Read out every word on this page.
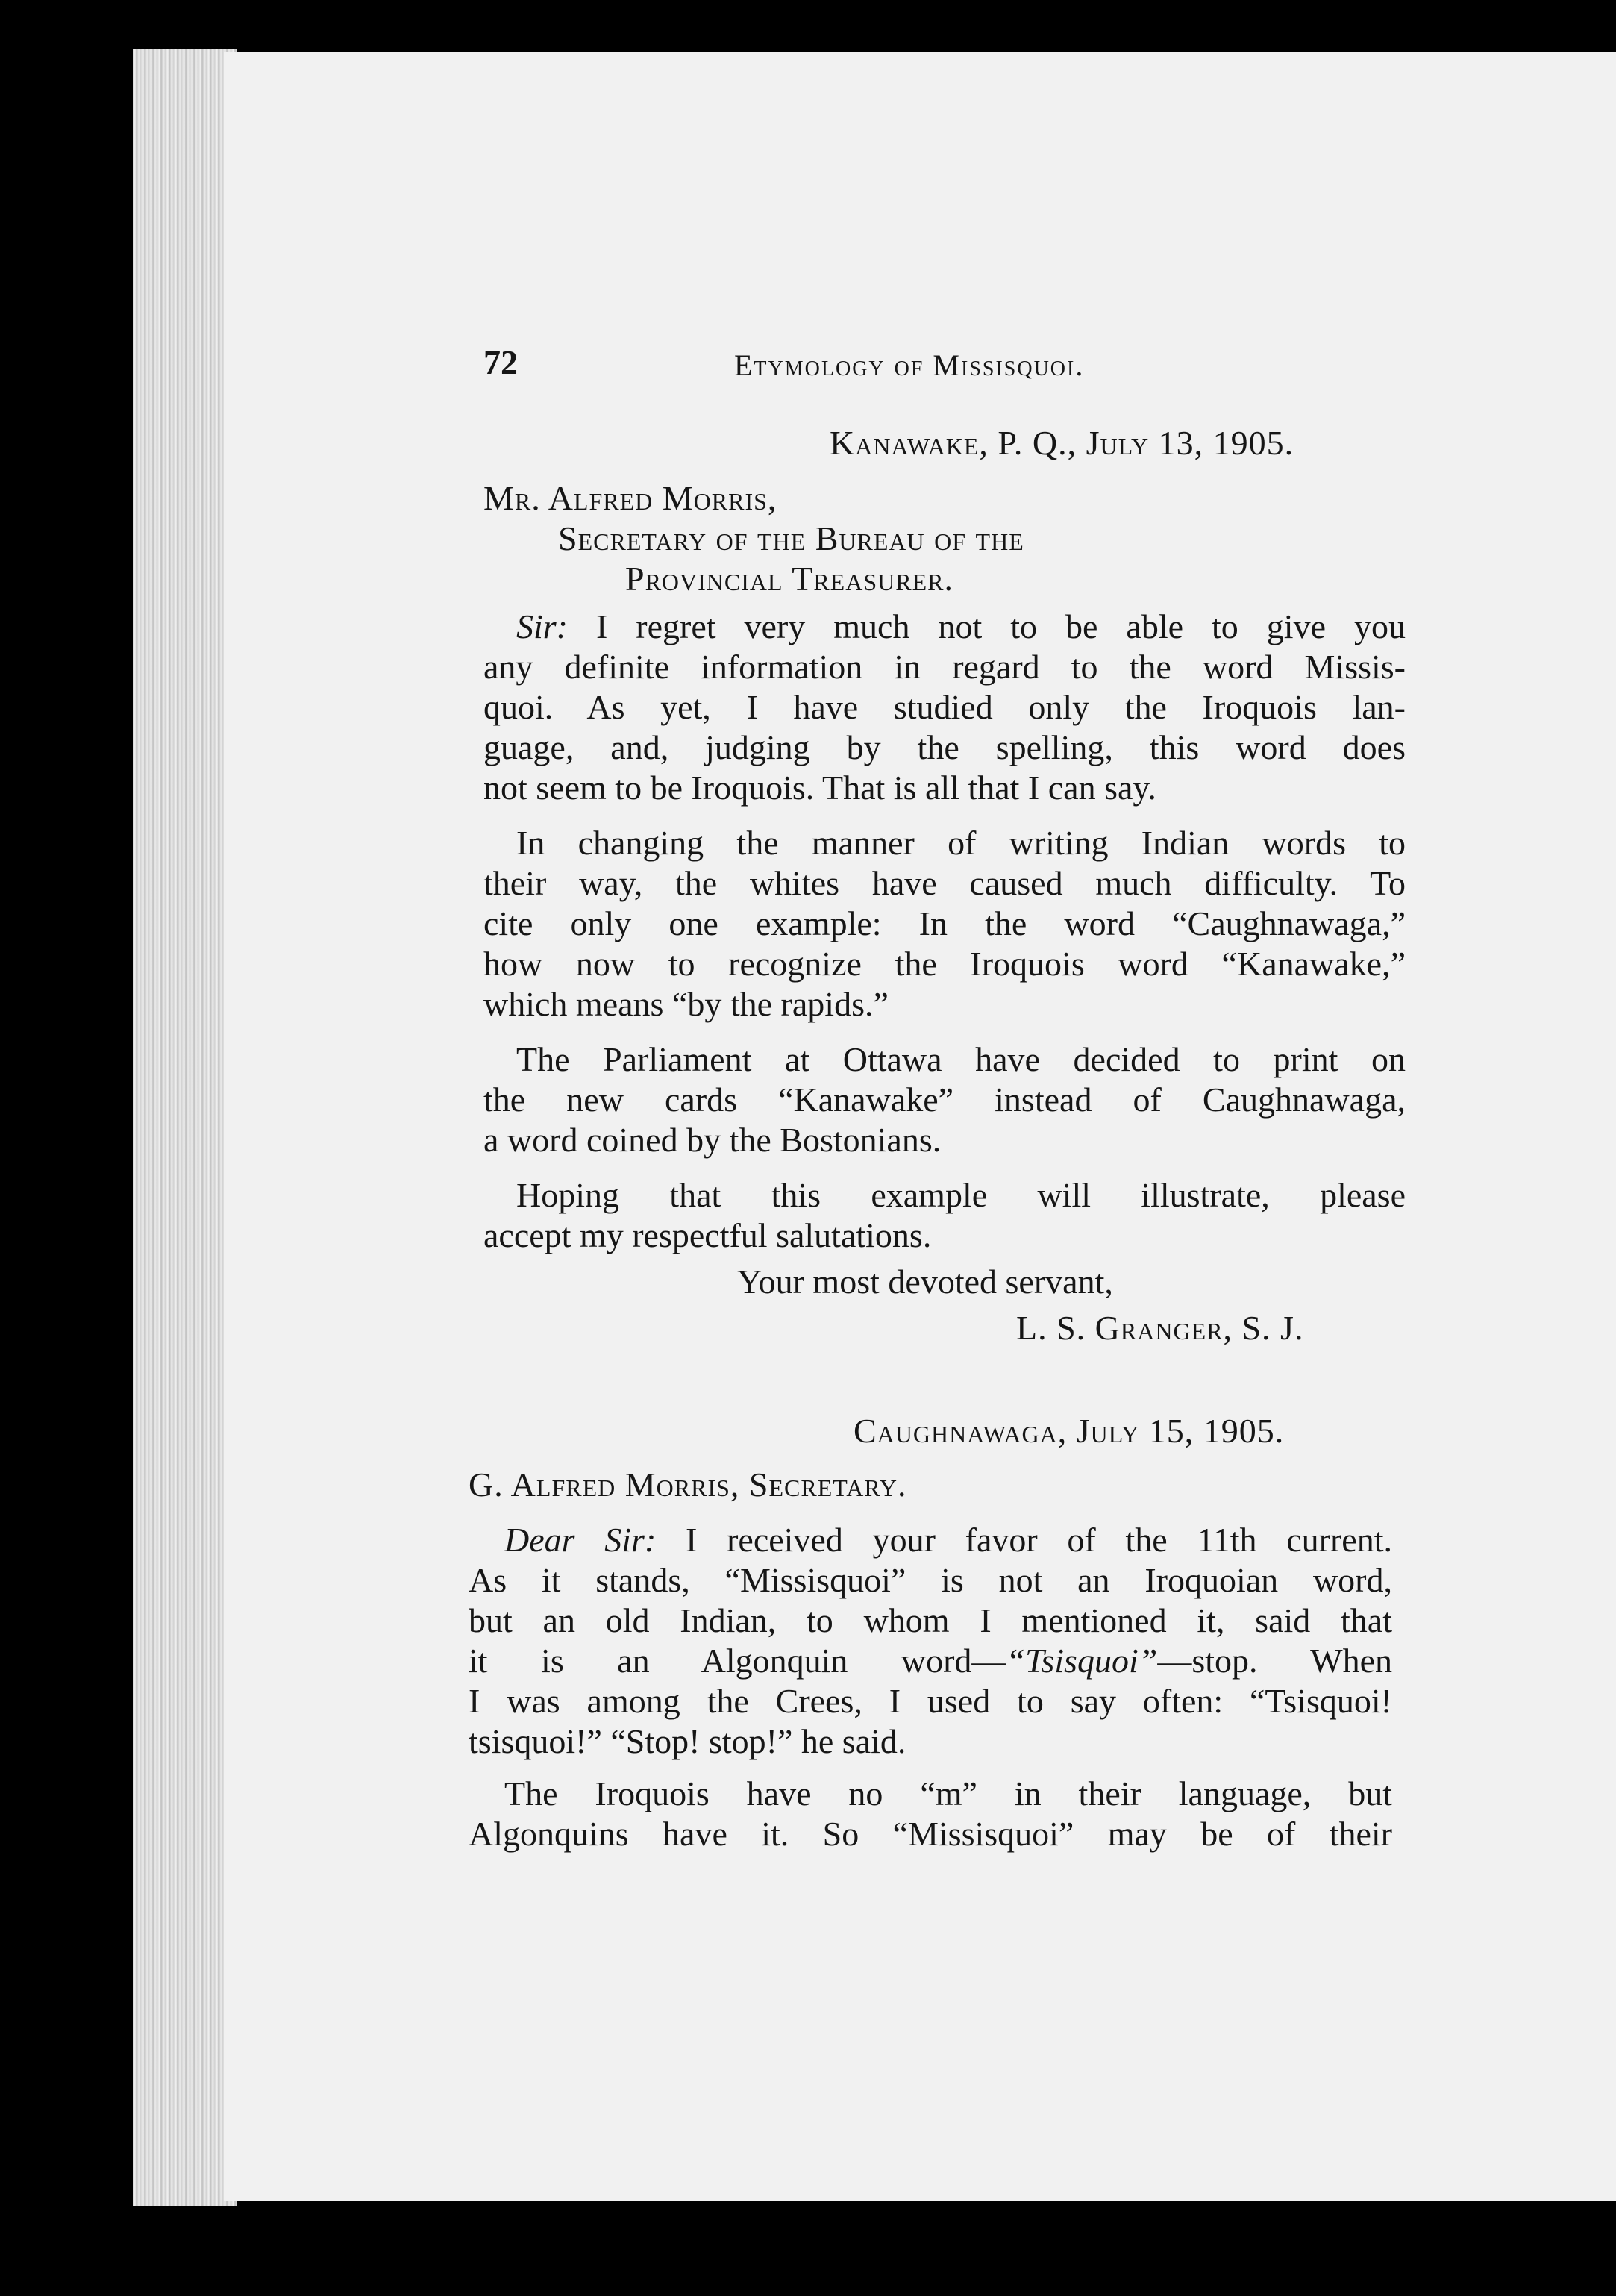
72	Etymology of Missisquoi.
Kanawake, P. Q., July 13, 1905.
Mr. Alfred Morris,
Secretary of the Bureau of the
Provincial Treasurer.
Sir: I regret very much not to be able to give you
any definite information in regard to the word Missis-
quoi. As yet, I have studied only the Iroquois lan-
guage, and, judging by the spelling, this word does
not seem to be Iroquois. That is all that I can say.
In changing the manner of writing Indian words to
their way, the whites have caused much difficulty. To
cite only one example: In the word “Caughnawaga,”
how now to recognize the Iroquois word “Kanawake,”
which means “by the rapids.”
The Parliament at Ottawa have decided to print on
the new cards “Kanawake” instead of Caughnawaga,
a word coined by the Bostonians.
Hoping that this example will illustrate, please
accept my respectful salutations.
Your most devoted servant,
L. S. Granger, S. J.
Caughnawaga, July 15, 1905.
G. Alfred Morris, Secretary.
Dear Sir: I received your favor of the 11th current.
As it stands, “Missisquoi” is not an Iroquoian word,
but an old Indian, to whom I mentioned it, said that
it is an Algonquin word—“Tsisquoi”—stop. When
I was among the Crees, I used to say often: “Tsisquoi!
tsisquoi!” “Stop! stop!” he said.
The Iroquois have no “m” in their language, but
Algonquins have it. So “Missisquoi” may be of their
